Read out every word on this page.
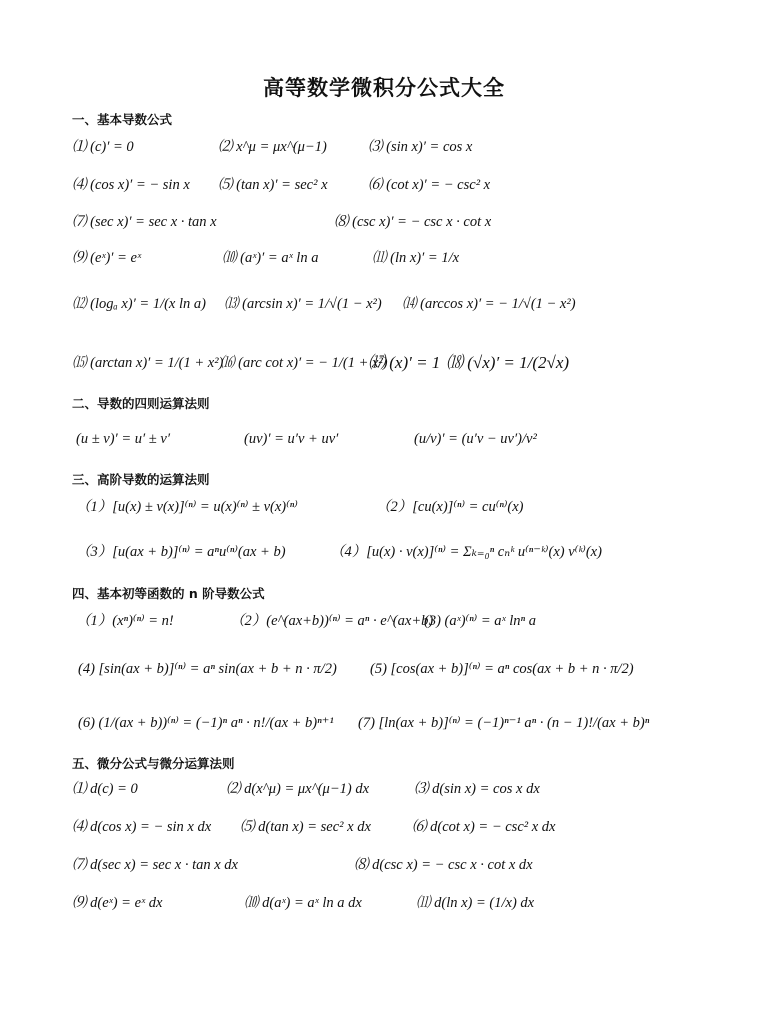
高等数学微积分公式大全
一、基本导数公式
⑴ (c)′ = 0	⑵ x^μ = μx^(μ−1)	⑶ (sin x)′ = cos x
⑷ (cos x)′ = − sin x ⑸ (tan x)′ = sec² x	⑹ (cot x)′ = − csc² x
⑺ (sec x)′ = sec x · tan x	⑻ (csc x)′ = − csc x · cot x
⑼ (eˣ)′ = eˣ	⑽ (aˣ)′ = aˣ ln a	⑾ (ln x)′ = 1/x
⑿ (logₐ x)′ = 1/(x ln a) ⒀ (arcsin x)′ = 1/√(1 − x²) ⒁ (arccos x)′ = − 1/√(1 − x²)
⒂ (arctan x)′ = 1/(1 + x²)
⒃ (arc cot x)′ = − 1/(1 + x²)
⒄ (x)′ = 1 ⒅ (√x)′ = 1/(2√x)
二、导数的四则运算法则
(u ± v)′ = u′ ± v′	(uv)′ = u′v + uv′	(u/v)′ = (u′v − uv′)/v²
三、高阶导数的运算法则
（1）[u(x) ± v(x)]⁽ⁿ⁾ = u(x)⁽ⁿ⁾ ± v(x)⁽ⁿ⁾	（2）[cu(x)]⁽ⁿ⁾ = cu⁽ⁿ⁾(x)
（3）[u(ax + b)]⁽ⁿ⁾ = aⁿu⁽ⁿ⁾(ax + b)	（4）[u(x) · v(x)]⁽ⁿ⁾ = Σₖ₌₀ⁿ cₙᵏ u⁽ⁿ⁻ᵏ⁾(x) v⁽ᵏ⁾(x)
四、基本初等函数的 n 阶导数公式
（1）(xⁿ)⁽ⁿ⁾ = n!	（2）(e^(ax+b))⁽ⁿ⁾ = aⁿ · e^(ax+b)
(3) (aˣ)⁽ⁿ⁾ = aˣ lnⁿ a
(4) [sin(ax + b)]⁽ⁿ⁾ = aⁿ sin(ax + b + n · π/2) (5) [cos(ax + b)]⁽ⁿ⁾ = aⁿ cos(ax + b + n · π/2)
(6) (1/(ax + b))⁽ⁿ⁾ = (−1)ⁿ aⁿ · n!/(ax + b)ⁿ⁺¹ (7) [ln(ax + b)]⁽ⁿ⁾ = (−1)ⁿ⁻¹ aⁿ · (n − 1)!/(ax + b)ⁿ
五、微分公式与微分运算法则
⑴ d(c) = 0	⑵ d(x^μ) = μx^(μ−1) dx	⑶ d(sin x) = cos x dx
⑷ d(cos x) = − sin x dx ⑸ d(tan x) = sec² x dx	⑹ d(cot x) = − csc² x dx
⑺ d(sec x) = sec x · tan x dx	⑻ d(csc x) = − csc x · cot x dx
⑼ d(eˣ) = eˣ dx	⑽ d(aˣ) = aˣ ln a dx	⑾ d(ln x) = (1/x) dx
